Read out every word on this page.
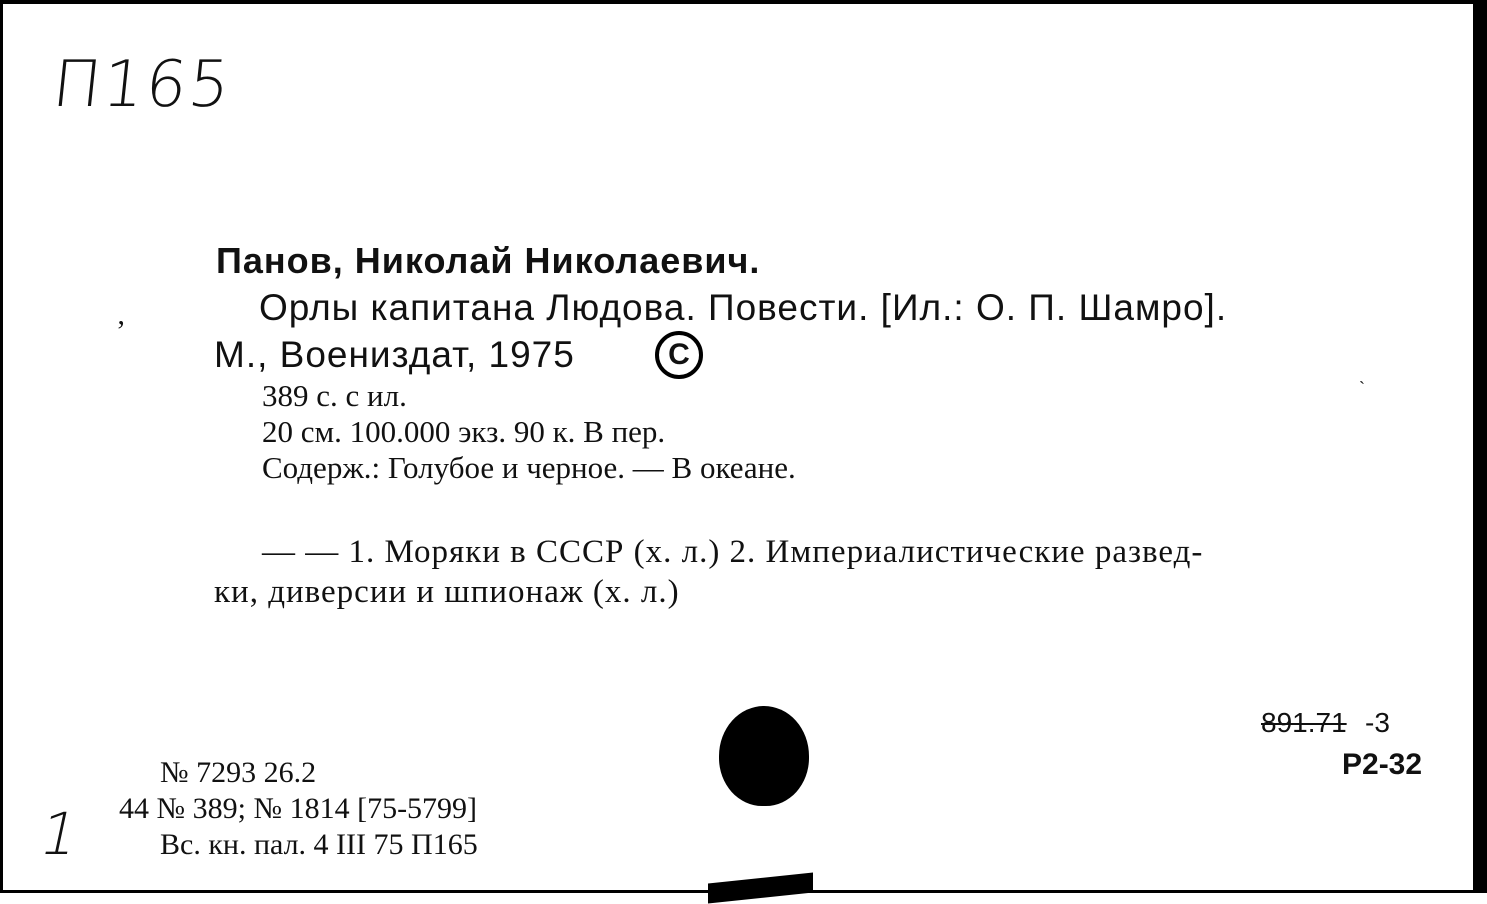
П165
Панов, Николай Николаевич.
‚	Орлы капитана Людова. Повести. [Ил.: О. П. Шамро].
М., Воениздат, 1975	C
389 с. с ил.
20 см. 100.000 экз. 90 к. В пер.
Содерж.: Голубое и черное. — В океане.
`
— — 1. Моряки в СССР (х. л.) 2. Империалистические развед-
ки, диверсии и шпионаж (х. л.)
№ 7293 26.2
44 № 389; № 1814 [75-5799]
Вс. кн. пал. 4 III 75 П165
1
891.71 -3
Р2-32
